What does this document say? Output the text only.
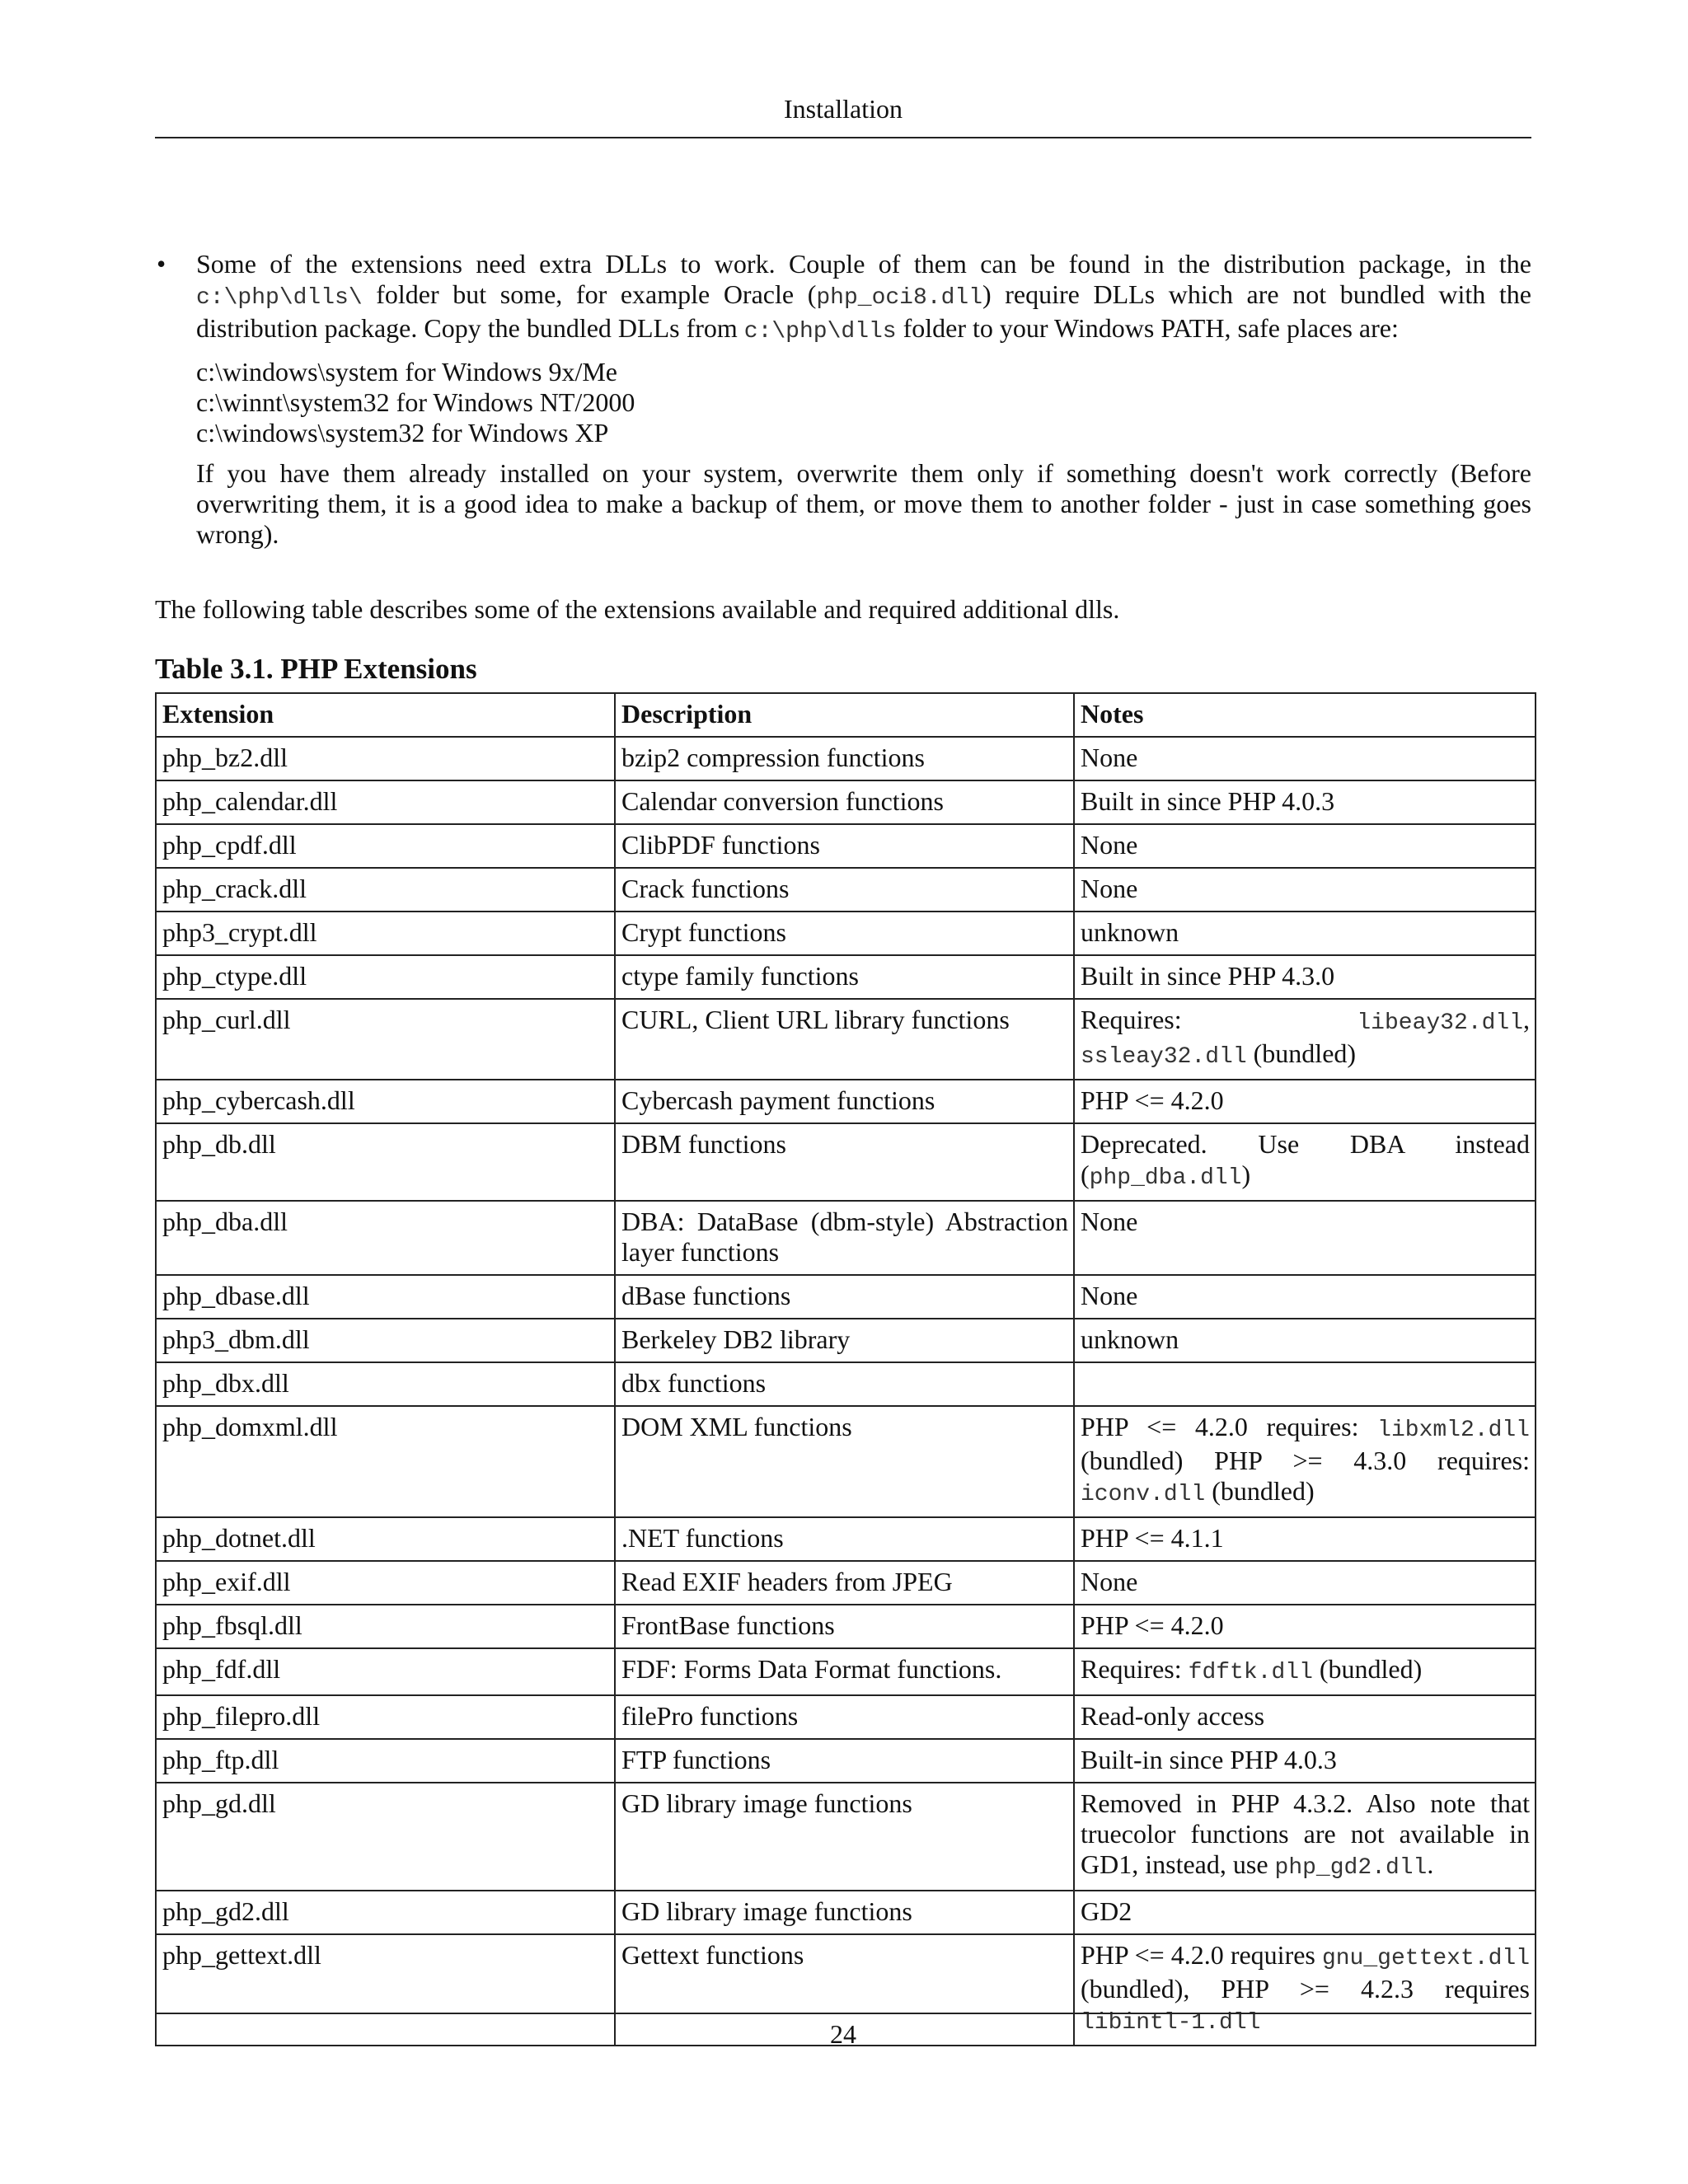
Installation
• Some of the extensions need extra DLLs to work. Couple of them can be found in the distribution package, in the c:\php\dlls\ folder but some, for example Oracle (php_oci8.dll) require DLLs which are not bundled with the distribution package. Copy the bundled DLLs from c:\php\dlls folder to your Windows PATH, safe places are:

c:\windows\system for Windows 9x/Me
c:\winnt\system32 for Windows NT/2000
c:\windows\system32 for Windows XP

If you have them already installed on your system, overwrite them only if something doesn't work correctly (Before overwriting them, it is a good idea to make a backup of them, or move them to another folder - just in case something goes wrong).

The following table describes some of the extensions available and required additional dlls.
Table 3.1. PHP Extensions
Extension	Description	Notes
php_bz2.dll	bzip2 compression functions	None
php_calendar.dll	Calendar conversion functions	Built in since PHP 4.0.3
php_cpdf.dll	ClibPDF functions	None
php_crack.dll	Crack functions	None
php3_crypt.dll	Crypt functions	unknown
php_ctype.dll	ctype family functions	Built in since PHP 4.3.0
php_curl.dll	CURL, Client URL library functions	Requires: libeay32.dll, ssleay32.dll (bundled)
php_cybercash.dll	Cybercash payment functions	PHP <= 4.2.0
php_db.dll	DBM functions	Deprecated. Use DBA instead (php_dba.dll)
php_dba.dll	DBA: DataBase (dbm-style) Abstraction layer functions	None
php_dbase.dll	dBase functions	None
php3_dbm.dll	Berkeley DB2 library	unknown
php_dbx.dll	dbx functions	
php_domxml.dll	DOM XML functions	PHP <= 4.2.0 requires: libxml2.dll (bundled) PHP >= 4.3.0 requires: iconv.dll (bundled)
php_dotnet.dll	.NET functions	PHP <= 4.1.1
php_exif.dll	Read EXIF headers from JPEG	None
php_fbsql.dll	FrontBase functions	PHP <= 4.2.0
php_fdf.dll	FDF: Forms Data Format functions.	Requires: fdftk.dll (bundled)
php_filepro.dll	filePro functions	Read-only access
php_ftp.dll	FTP functions	Built-in since PHP 4.0.3
php_gd.dll	GD library image functions	Removed in PHP 4.3.2. Also note that truecolor functions are not available in GD1, instead, use php_gd2.dll.
php_gd2.dll	GD library image functions	GD2
php_gettext.dll	Gettext functions	PHP <= 4.2.0 requires gnu_gettext.dll (bundled), PHP >= 4.2.3 requires libintl-1.dll
24
